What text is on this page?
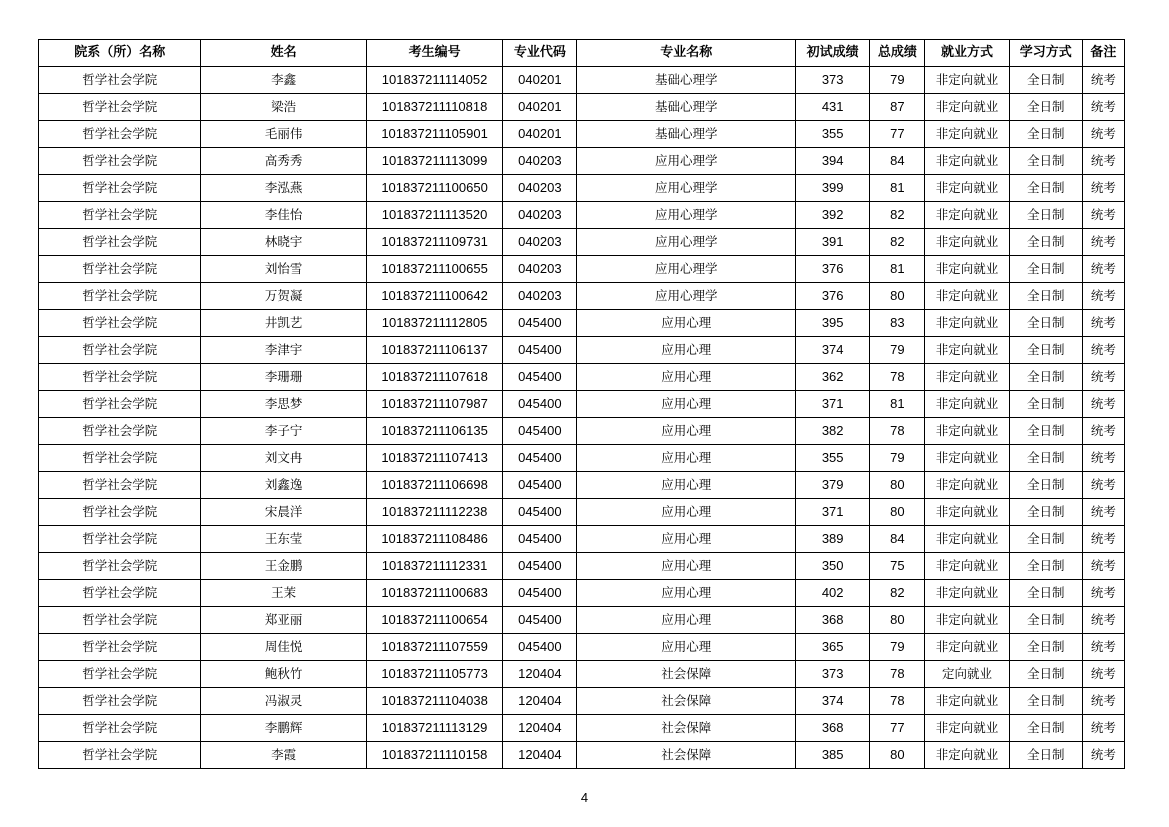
院系（所）名称	姓名	考生编号	专业代码	专业名称	初试成绩	总成绩	就业方式	学习方式	备注
哲学社会学院	李鑫	101837211114052	040201	基础心理学	373	79	非定向就业	全日制	统考
哲学社会学院	梁浩	101837211110818	040201	基础心理学	431	87	非定向就业	全日制	统考
哲学社会学院	毛丽伟	101837211105901	040201	基础心理学	355	77	非定向就业	全日制	统考
哲学社会学院	高秀秀	101837211113099	040203	应用心理学	394	84	非定向就业	全日制	统考
哲学社会学院	李泓燕	101837211100650	040203	应用心理学	399	81	非定向就业	全日制	统考
哲学社会学院	李佳怡	101837211113520	040203	应用心理学	392	82	非定向就业	全日制	统考
哲学社会学院	林晓宇	101837211109731	040203	应用心理学	391	82	非定向就业	全日制	统考
哲学社会学院	刘怡雪	101837211100655	040203	应用心理学	376	81	非定向就业	全日制	统考
哲学社会学院	万贺凝	101837211100642	040203	应用心理学	376	80	非定向就业	全日制	统考
哲学社会学院	井凯艺	101837211112805	045400	应用心理	395	83	非定向就业	全日制	统考
哲学社会学院	李津宇	101837211106137	045400	应用心理	374	79	非定向就业	全日制	统考
哲学社会学院	李珊珊	101837211107618	045400	应用心理	362	78	非定向就业	全日制	统考
哲学社会学院	李思梦	101837211107987	045400	应用心理	371	81	非定向就业	全日制	统考
哲学社会学院	李子宁	101837211106135	045400	应用心理	382	78	非定向就业	全日制	统考
哲学社会学院	刘文冉	101837211107413	045400	应用心理	355	79	非定向就业	全日制	统考
哲学社会学院	刘鑫逸	101837211106698	045400	应用心理	379	80	非定向就业	全日制	统考
哲学社会学院	宋晨洋	101837211112238	045400	应用心理	371	80	非定向就业	全日制	统考
哲学社会学院	王东莹	101837211108486	045400	应用心理	389	84	非定向就业	全日制	统考
哲学社会学院	王金鹏	101837211112331	045400	应用心理	350	75	非定向就业	全日制	统考
哲学社会学院	王茉	101837211100683	045400	应用心理	402	82	非定向就业	全日制	统考
哲学社会学院	郑亚丽	101837211100654	045400	应用心理	368	80	非定向就业	全日制	统考
哲学社会学院	周佳悦	101837211107559	045400	应用心理	365	79	非定向就业	全日制	统考
哲学社会学院	鲍秋竹	101837211105773	120404	社会保障	373	78	定向就业	全日制	统考
哲学社会学院	冯淑灵	101837211104038	120404	社会保障	374	78	非定向就业	全日制	统考
哲学社会学院	李鹏辉	101837211113129	120404	社会保障	368	77	非定向就业	全日制	统考
哲学社会学院	李霞	101837211110158	120404	社会保障	385	80	非定向就业	全日制	统考
4
